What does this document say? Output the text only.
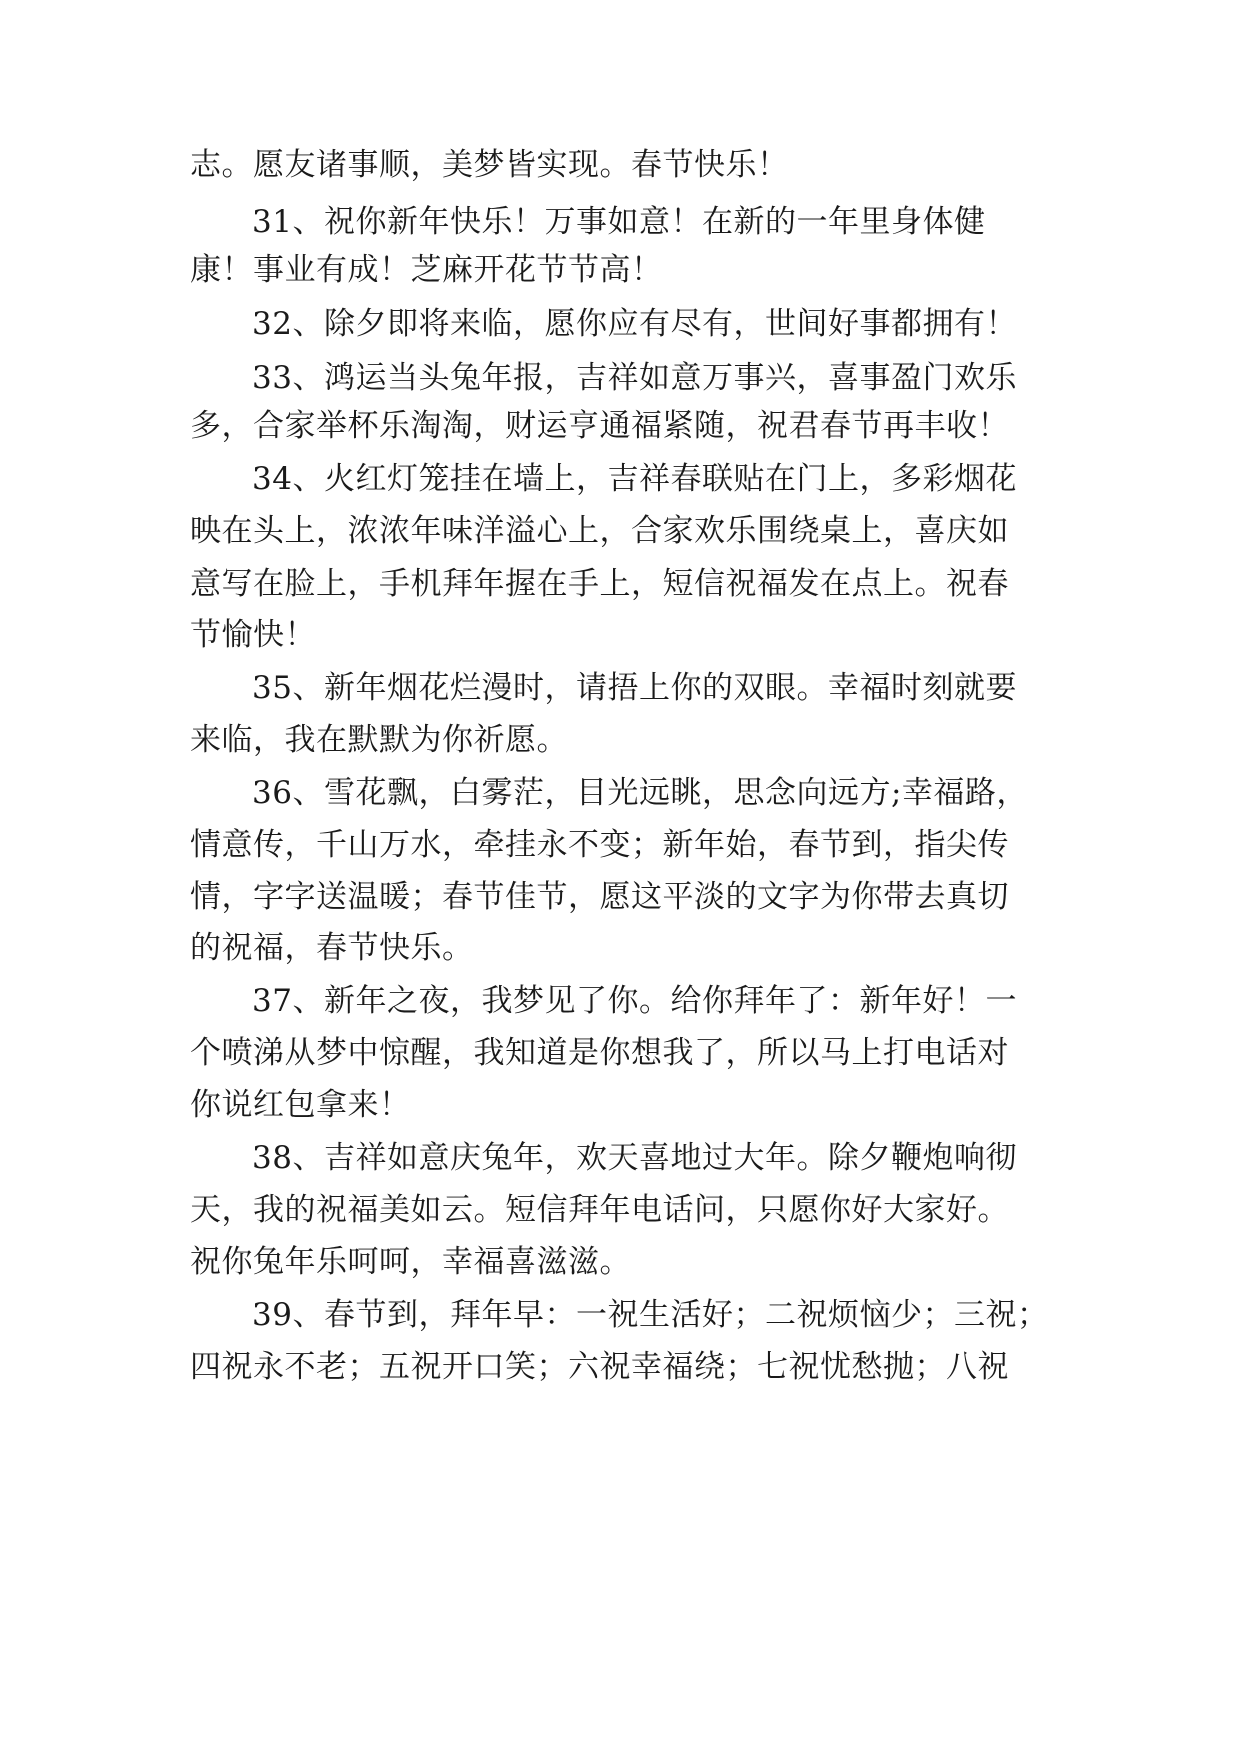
志。愿友诸事顺，美梦皆实现。春节快乐！
31、祝你新年快乐！万事如意！在新的一年里身体健
康！事业有成！芝麻开花节节高！
32、除夕即将来临，愿你应有尽有，世间好事都拥有！
33、鸿运当头兔年报，吉祥如意万事兴，喜事盈门欢乐
多，合家举杯乐淘淘，财运亨通福紧随，祝君春节再丰收！
34、火红灯笼挂在墙上，吉祥春联贴在门上，多彩烟花
映在头上，浓浓年味洋溢心上，合家欢乐围绕桌上，喜庆如
意写在脸上，手机拜年握在手上，短信祝福发在点上。祝春
节愉快！
35、新年烟花烂漫时，请捂上你的双眼。幸福时刻就要
来临，我在默默为你祈愿。
36、雪花飘，白雾茫，目光远眺，思念向远方;幸福路，
情意传，千山万水，牵挂永不变；新年始，春节到，指尖传
情，字字送温暖；春节佳节，愿这平淡的文字为你带去真切
的祝福，春节快乐。
37、新年之夜，我梦见了你。给你拜年了：新年好！一
个喷涕从梦中惊醒，我知道是你想我了，所以马上打电话对
你说红包拿来！
38、吉祥如意庆兔年，欢天喜地过大年。除夕鞭炮响彻
天，我的祝福美如云。短信拜年电话问，只愿你好大家好。
祝你兔年乐呵呵，幸福喜滋滋。
39、春节到，拜年早：一祝生活好；二祝烦恼少；三祝；
四祝永不老；五祝开口笑；六祝幸福绕；七祝忧愁抛；八祝
